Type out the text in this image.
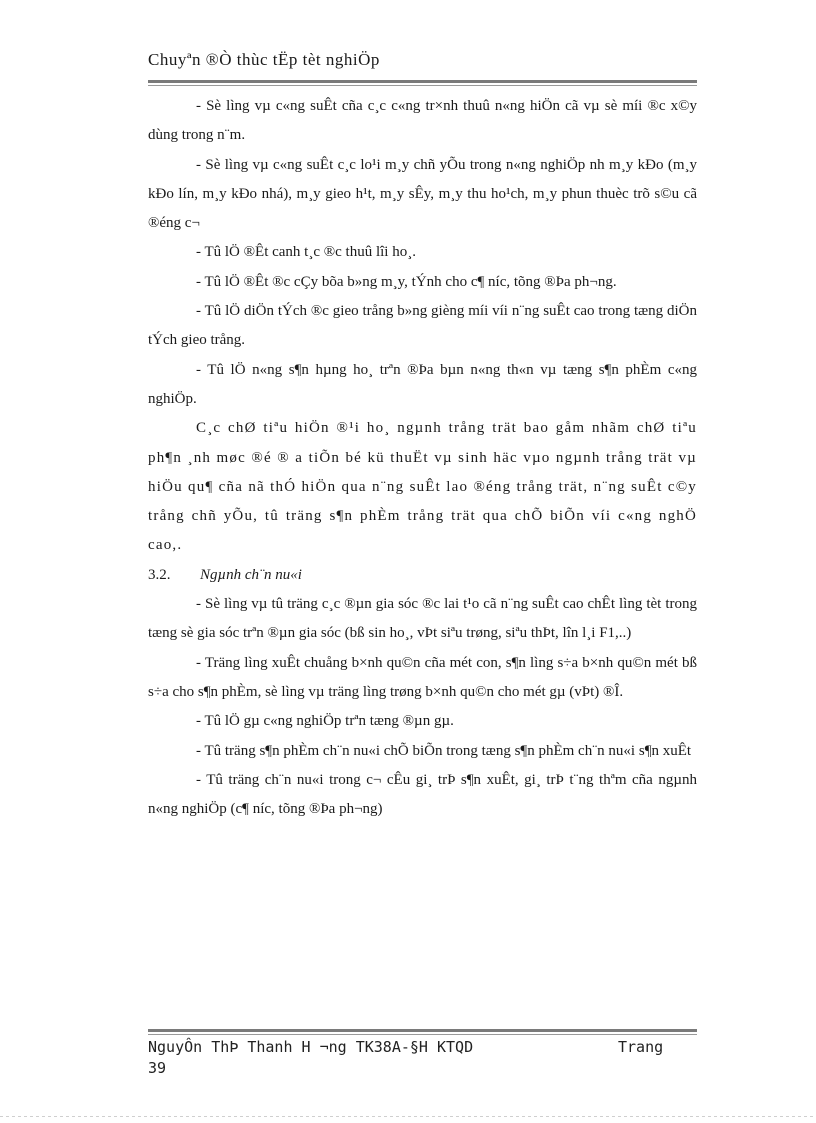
Chuyªn ®Ò thùc tËp tèt nghiÖp

- Sè lìng vµ c«ng suÊt cña c¸c c«ng tr×nh thuû n«ng hiÖn cã vµ sè míi ®c x©y dùng trong n¨m.

- Sè lìng vµ c«ng suÊt c¸c lo¹i m¸y chñ yÕu trong n«ng nghiÖp nh m¸y kÐo (m¸y kÐo lín, m¸y kÐo nhá), m¸y gieo h¹t, m¸y sÊy, m¸y thu ho¹ch, m¸y phun thuèc trõ s©u cã ®éng c¬

- Tû lÖ ®Êt canh t¸c ®c thuû lîi ho¸.

- Tû lÖ ®Êt ®c cÇy bõa b»ng m¸y, tÝnh cho c¶ níc, tõng ®Þa ph¬ng.

- Tû lÖ diÖn tÝch ®c gieo trång b»ng gièng míi víi n¨ng suÊt cao trong tæng diÖn tÝch gieo trång.

- Tû lÖ n«ng s¶n hµng ho¸ trªn ®Þa bµn n«ng th«n vµ tæng s¶n phÈm c«ng nghiÖp.

C¸c chØ tiªu hiÖn ®¹i ho¸ ngµnh trång trät bao gåm nhãm chØ tiªu ph¶n ¸nh møc ®é ® a tiÕn bé kü thuËt vµ sinh häc vµo ngµnh trång trät vµ hiÖu qu¶ cña nã thÓ hiÖn qua n¨ng suÊt lao ®éng trång trät, n¨ng suÊt c©y trång chñ yÕu, tû träng s¶n phÈm trång trät qua chÕ biÕn víi c«ng nghÖ cao,.

3.2. Ngµnh ch¨n nu«i

- Sè lìng vµ tû träng c¸c ®µn gia sóc ®c lai t¹o cã n¨ng suÊt cao chÊt lìng tèt trong tæng sè gia sóc trªn ®µn gia sóc (bß sin ho¸, vÞt siªu trøng, siªu thÞt, lîn l¸i F1,..)

- Träng lìng xuÊt chuång b×nh qu©n cña mét con, s¶n lìng s÷a b×nh qu©n mét bß s÷a cho s¶n phÈm, sè lìng vµ träng lìng trøng b×nh qu©n cho mét gµ (vÞt) ®Î.

- Tû lÖ gµ c«ng nghiÖp trªn tæng ®µn gµ.

- Tû träng s¶n phÈm ch¨n nu«i chÕ biÕn trong tæng s¶n phÈm ch¨n nu«i s¶n xuÊt

- Tû träng ch¨n nu«i trong c¬ cÊu gi¸ trÞ s¶n xuÊt, gi¸ trÞ t¨ng thªm cña ngµnh n«ng nghiÖp (c¶ níc, tõng ®Þa ph¬ng)

NguyÔn ThÞ Thanh H ¬ng TK38A-§H KTQD	Trang
39
